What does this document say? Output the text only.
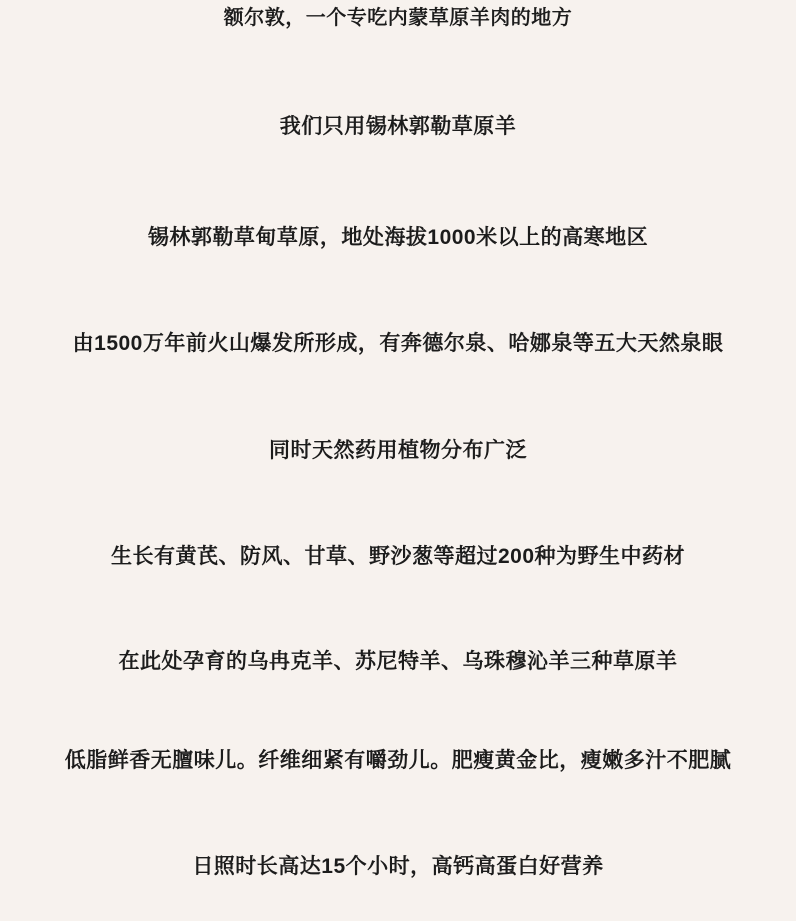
额尔敦，一个专吃内蒙草原羊肉的地方
我们只用锡林郭勒草原羊
锡林郭勒草甸草原，地处海拔1000米以上的高寒地区
由1500万年前火山爆发所形成，有奔德尔泉、哈娜泉等五大天然泉眼
同时天然药用植物分布广泛
生长有黄芪、防风、甘草、野沙葱等超过200种为野生中药材
在此处孕育的乌冉克羊、苏尼特羊、乌珠穆沁羊三种草原羊
低脂鲜香无膻味儿。纤维细紧有嚼劲儿。肥瘦黄金比，瘦嫩多汁不肥腻
日照时长高达15个小时，高钙高蛋白好营养
